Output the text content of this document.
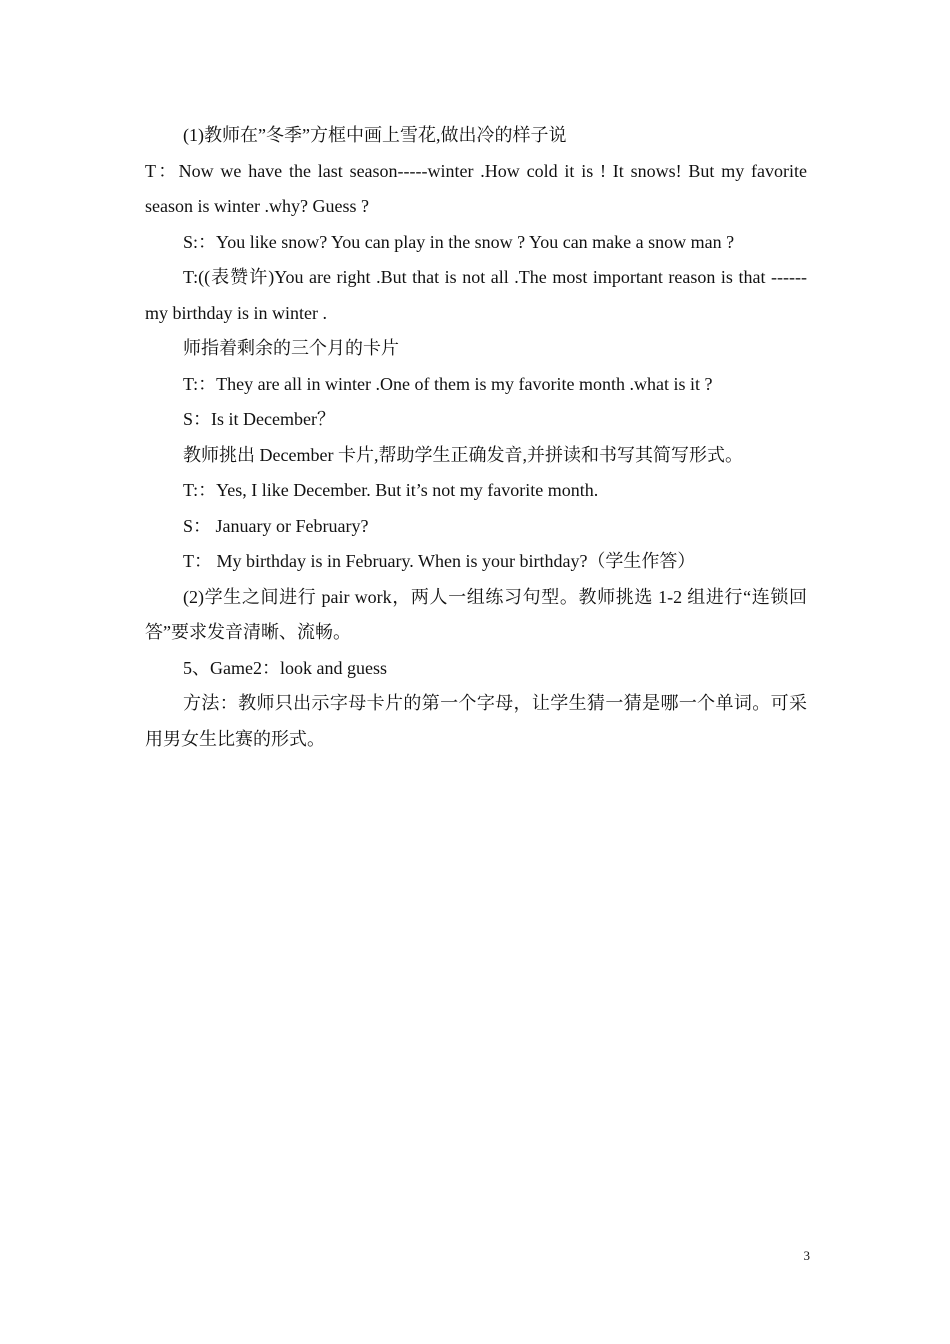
(1)教师在”冬季”方框中画上雪花,做出冷的样子说

T：Now we have the last season-----winter .How cold it is ! It snows! But my favorite season is winter .why? Guess ?

S:：You like snow? You can play in the snow ? You can make a snow man ?

T:((表赞许)You are right .But that is not all .The most important reason is that ------my birthday is in winter .

师指着剩余的三个月的卡片

T:：They are all in winter .One of them is my favorite month .what is it ?

S：Is it December？

教师挑出 December 卡片,帮助学生正确发音,并拼读和书写其简写形式。

T:：Yes, I like December. But it’s not my favorite month.

S： January or February?

T： My birthday is in February. When is your birthday?（学生作答）

(2)学生之间进行 pair work，两人一组练习句型。教师挑选 1-2 组进行“连锁回答”要求发音清晰、流畅。

5、Game2：look and guess

方法：教师只出示字母卡片的第一个字母，让学生猜一猜是哪一个单词。可采用男女生比赛的形式。

3
